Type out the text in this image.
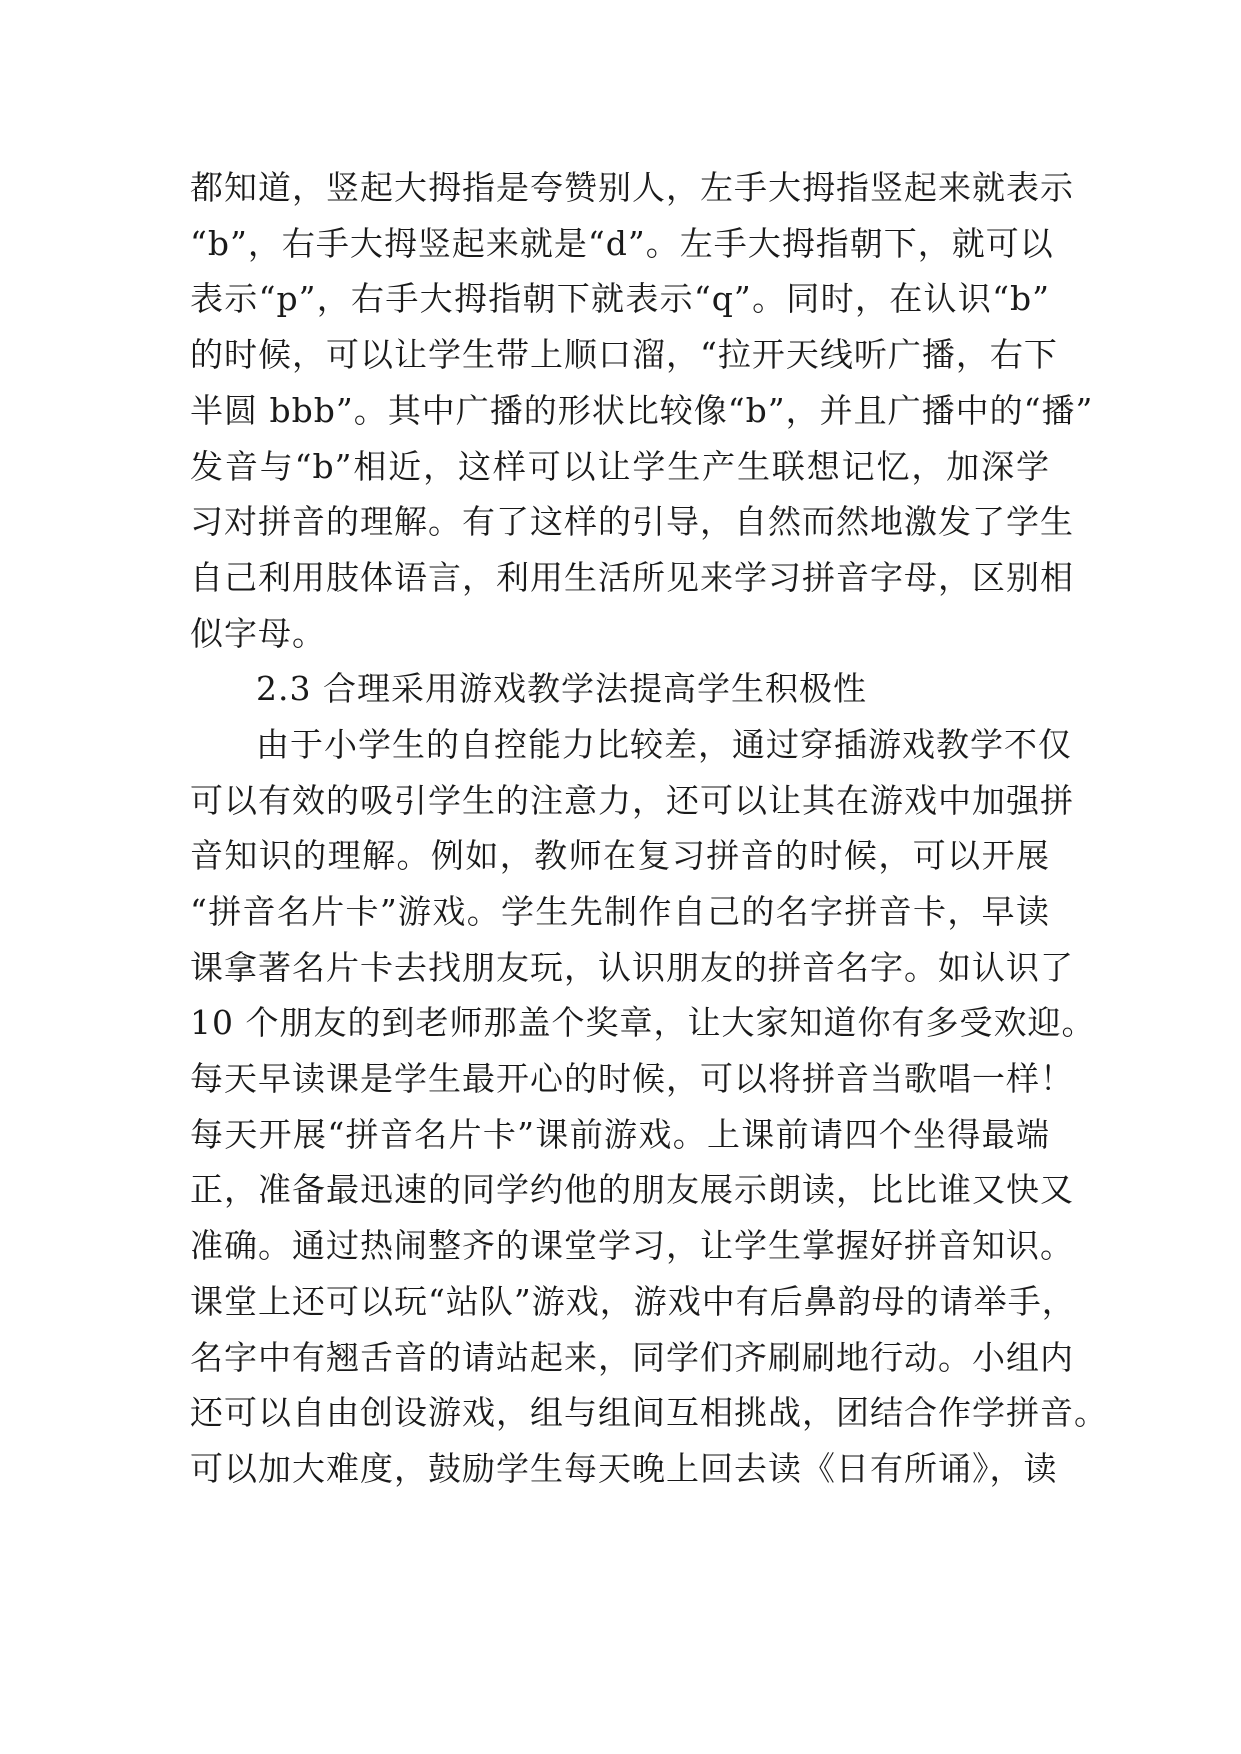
都知道，竖起大拇指是夸赞别人，左手大拇指竖起来就表示
“b”，右手大拇竖起来就是“d”。左手大拇指朝下，就可以
表示“p”，右手大拇指朝下就表示“q”。同时，在认识“b”
的时候，可以让学生带上顺口溜，“拉开天线听广播，右下
半圆 bbb”。其中广播的形状比较像“b”，并且广播中的“播”
发音与“b”相近，这样可以让学生产生联想记忆，加深学
习对拼音的理解。有了这样的引导，自然而然地激发了学生
自己利用肢体语言，利用生活所见来学习拼音字母，区别相
似字母。
2.3 合理采用游戏教学法提高学生积极性
由于小学生的自控能力比较差，通过穿插游戏教学不仅
可以有效的吸引学生的注意力，还可以让其在游戏中加强拼
音知识的理解。例如，教师在复习拼音的时候，可以开展
“拼音名片卡”游戏。学生先制作自己的名字拼音卡，早读
课拿著名片卡去找朋友玩，认识朋友的拼音名字。如认识了
10 个朋友的到老师那盖个奖章，让大家知道你有多受欢迎。
每天早读课是学生最开心的时候，可以将拼音当歌唱一样！
每天开展“拼音名片卡”课前游戏。上课前请四个坐得最端
正，准备最迅速的同学约他的朋友展示朗读，比比谁又快又
准确。通过热闹整齐的课堂学习，让学生掌握好拼音知识。
课堂上还可以玩“站队”游戏，游戏中有后鼻韵母的请举手，
名字中有翘舌音的请站起来，同学们齐刷刷地行动。小组内
还可以自由创设游戏，组与组间互相挑战，团结合作学拼音。
可以加大难度，鼓励学生每天晚上回去读《日有所诵》，读
